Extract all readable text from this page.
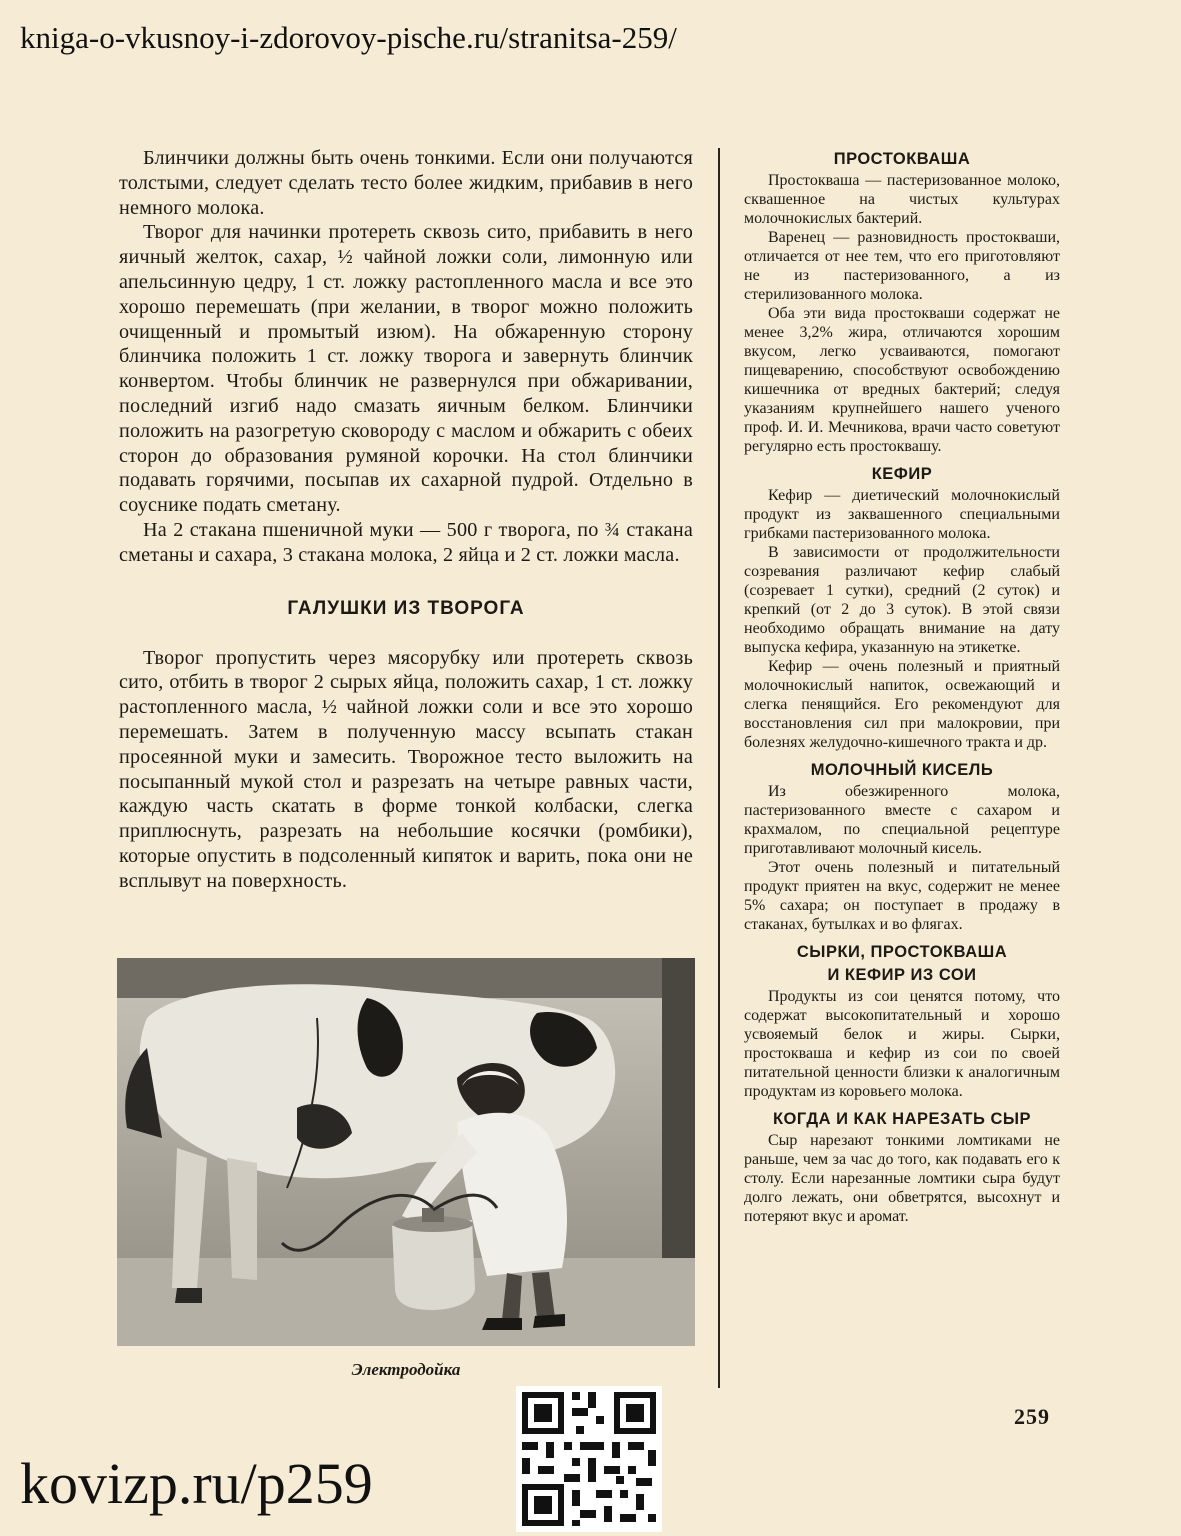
kniga-o-vkusnoy-i-zdorovoy-pische.ru/stranitsa-259/

Блинчики должны быть очень тонкими. Если они получаются толстыми, следует сделать тесто более жидким, прибавив в него немного молока.

Творог для начинки протереть сквозь сито, прибавить в него яичный желток, сахар, ½ чайной ложки соли, лимонную или апельсинную цедру, 1 ст. ложку растопленного масла и все это хорошо перемешать (при желании, в творог можно положить очищенный и промытый изюм). На обжаренную сторону блинчика положить 1 ст. ложку творога и завернуть блинчик конвертом. Чтобы блинчик не развернулся при обжаривании, последний изгиб надо смазать яичным белком. Блинчики положить на разогретую сковороду с маслом и обжарить с обеих сторон до образования румяной корочки. На стол блинчики подавать горячими, посыпав их сахарной пудрой. Отдельно в соуснике подать сметану.

На 2 стакана пшеничной муки — 500 г творога, по ¾ стакана сметаны и сахара, 3 стакана молока, 2 яйца и 2 ст. ложки масла.

ГАЛУШКИ ИЗ ТВОРОГА

Творог пропустить через мясорубку или протереть сквозь сито, отбить в творог 2 сырых яйца, положить сахар, 1 ст. ложку растопленного масла, ½ чайной ложки соли и все это хорошо перемешать. Затем в полученную массу всыпать стакан просеянной муки и замесить. Творожное тесто выложить на посыпанный мукой стол и разрезать на четыре равных части, каждую часть скатать в форме тонкой колбаски, слегка приплюснуть, разрезать на небольшие косячки (ромбики), которые опустить в подсоленный кипяток и варить, пока они не всплывут на поверхность.

ПРОСТОКВАША

Простокваша — пастеризованное молоко, сквашенное на чистых культурах молочнокислых бактерий.

Варенец — разновидность простокваши, отличается от нее тем, что его приготовляют не из пастеризованного, а из стерилизованного молока.

Оба эти вида простокваши содержат не менее 3,2% жира, отличаются хорошим вкусом, легко усваиваются, помогают пищеварению, способствуют освобождению кишечника от вредных бактерий; следуя указаниям крупнейшего нашего ученого проф. И. И. Мечникова, врачи часто советуют регулярно есть простоквашу.

КЕФИР

Кефир — диетический молочнокислый продукт из заквашенного специальными грибками пастеризованного молока.

В зависимости от продолжительности созревания различают кефир слабый (созревает 1 сутки), средний (2 суток) и крепкий (от 2 до 3 суток). В этой связи необходимо обращать внимание на дату выпуска кефира, указанную на этикетке.

Кефир — очень полезный и приятный молочнокислый напиток, освежающий и слегка пенящийся. Его рекомендуют для восстановления сил при малокровии, при болезнях желудочно-кишечного тракта и др.

МОЛОЧНЫЙ КИСЕЛЬ

Из обезжиренного молока, пастеризованного вместе с сахаром и крахмалом, по специальной рецептуре приготавливают молочный кисель.

Этот очень полезный и питательный продукт приятен на вкус, содержит не менее 5% сахара; он поступает в продажу в стаканах, бутылках и во флягах.

СЫРКИ, ПРОСТОКВАША
И КЕФИР ИЗ СОИ

Продукты из сои ценятся потому, что содержат высокопитательный и хорошо усвояемый белок и жиры. Сырки, простокваша и кефир из сои по своей питательной ценности близки к аналогичным продуктам из коровьего молока.

КОГДА И КАК НАРЕЗАТЬ СЫР

Сыр нарезают тонкими ломтиками не раньше, чем за час до того, как подавать его к столу. Если нарезанные ломтики сыра будут долго лежать, они обветрятся, высохнут и потеряют вкус и аромат.

Электродойка
259
kovizp.ru/p259
